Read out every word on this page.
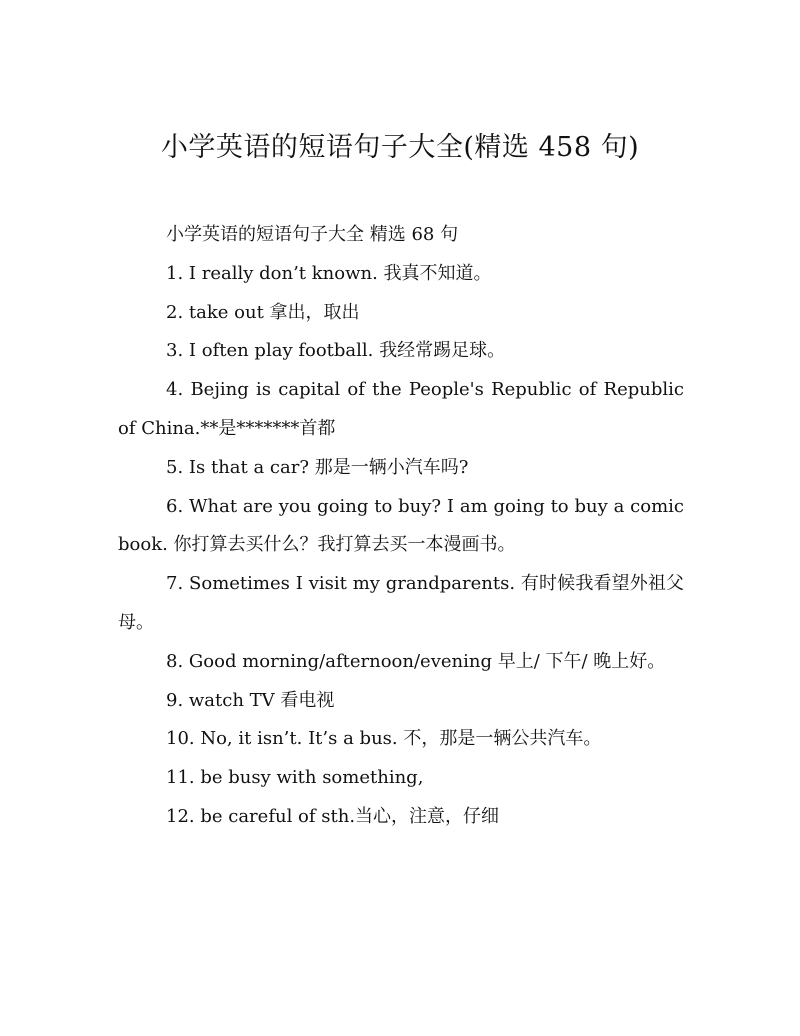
小学英语的短语句子大全(精选 458 句)

小学英语的短语句子大全 精选 68 句

1. I really don’t known. 我真不知道。

2. take out 拿出，取出

3. I often play football. 我经常踢足球。

4. Bejing is capital of the People's Republic of Republic of China.**是*******首都

5. Is that a car? 那是一辆小汽车吗?

6. What are you going to buy? I am going to buy a comic book. 你打算去买什么？我打算去买一本漫画书。

7. Sometimes I visit my grandparents. 有时候我看望外祖父母。

8. Good morning/afternoon/evening 早上/ 下午/ 晚上好。

9. watch TV 看电视

10. No, it isn’t. It’s a bus. 不，那是一辆公共汽车。

11. be busy with something,

12. be careful of sth.当心，注意，仔细
